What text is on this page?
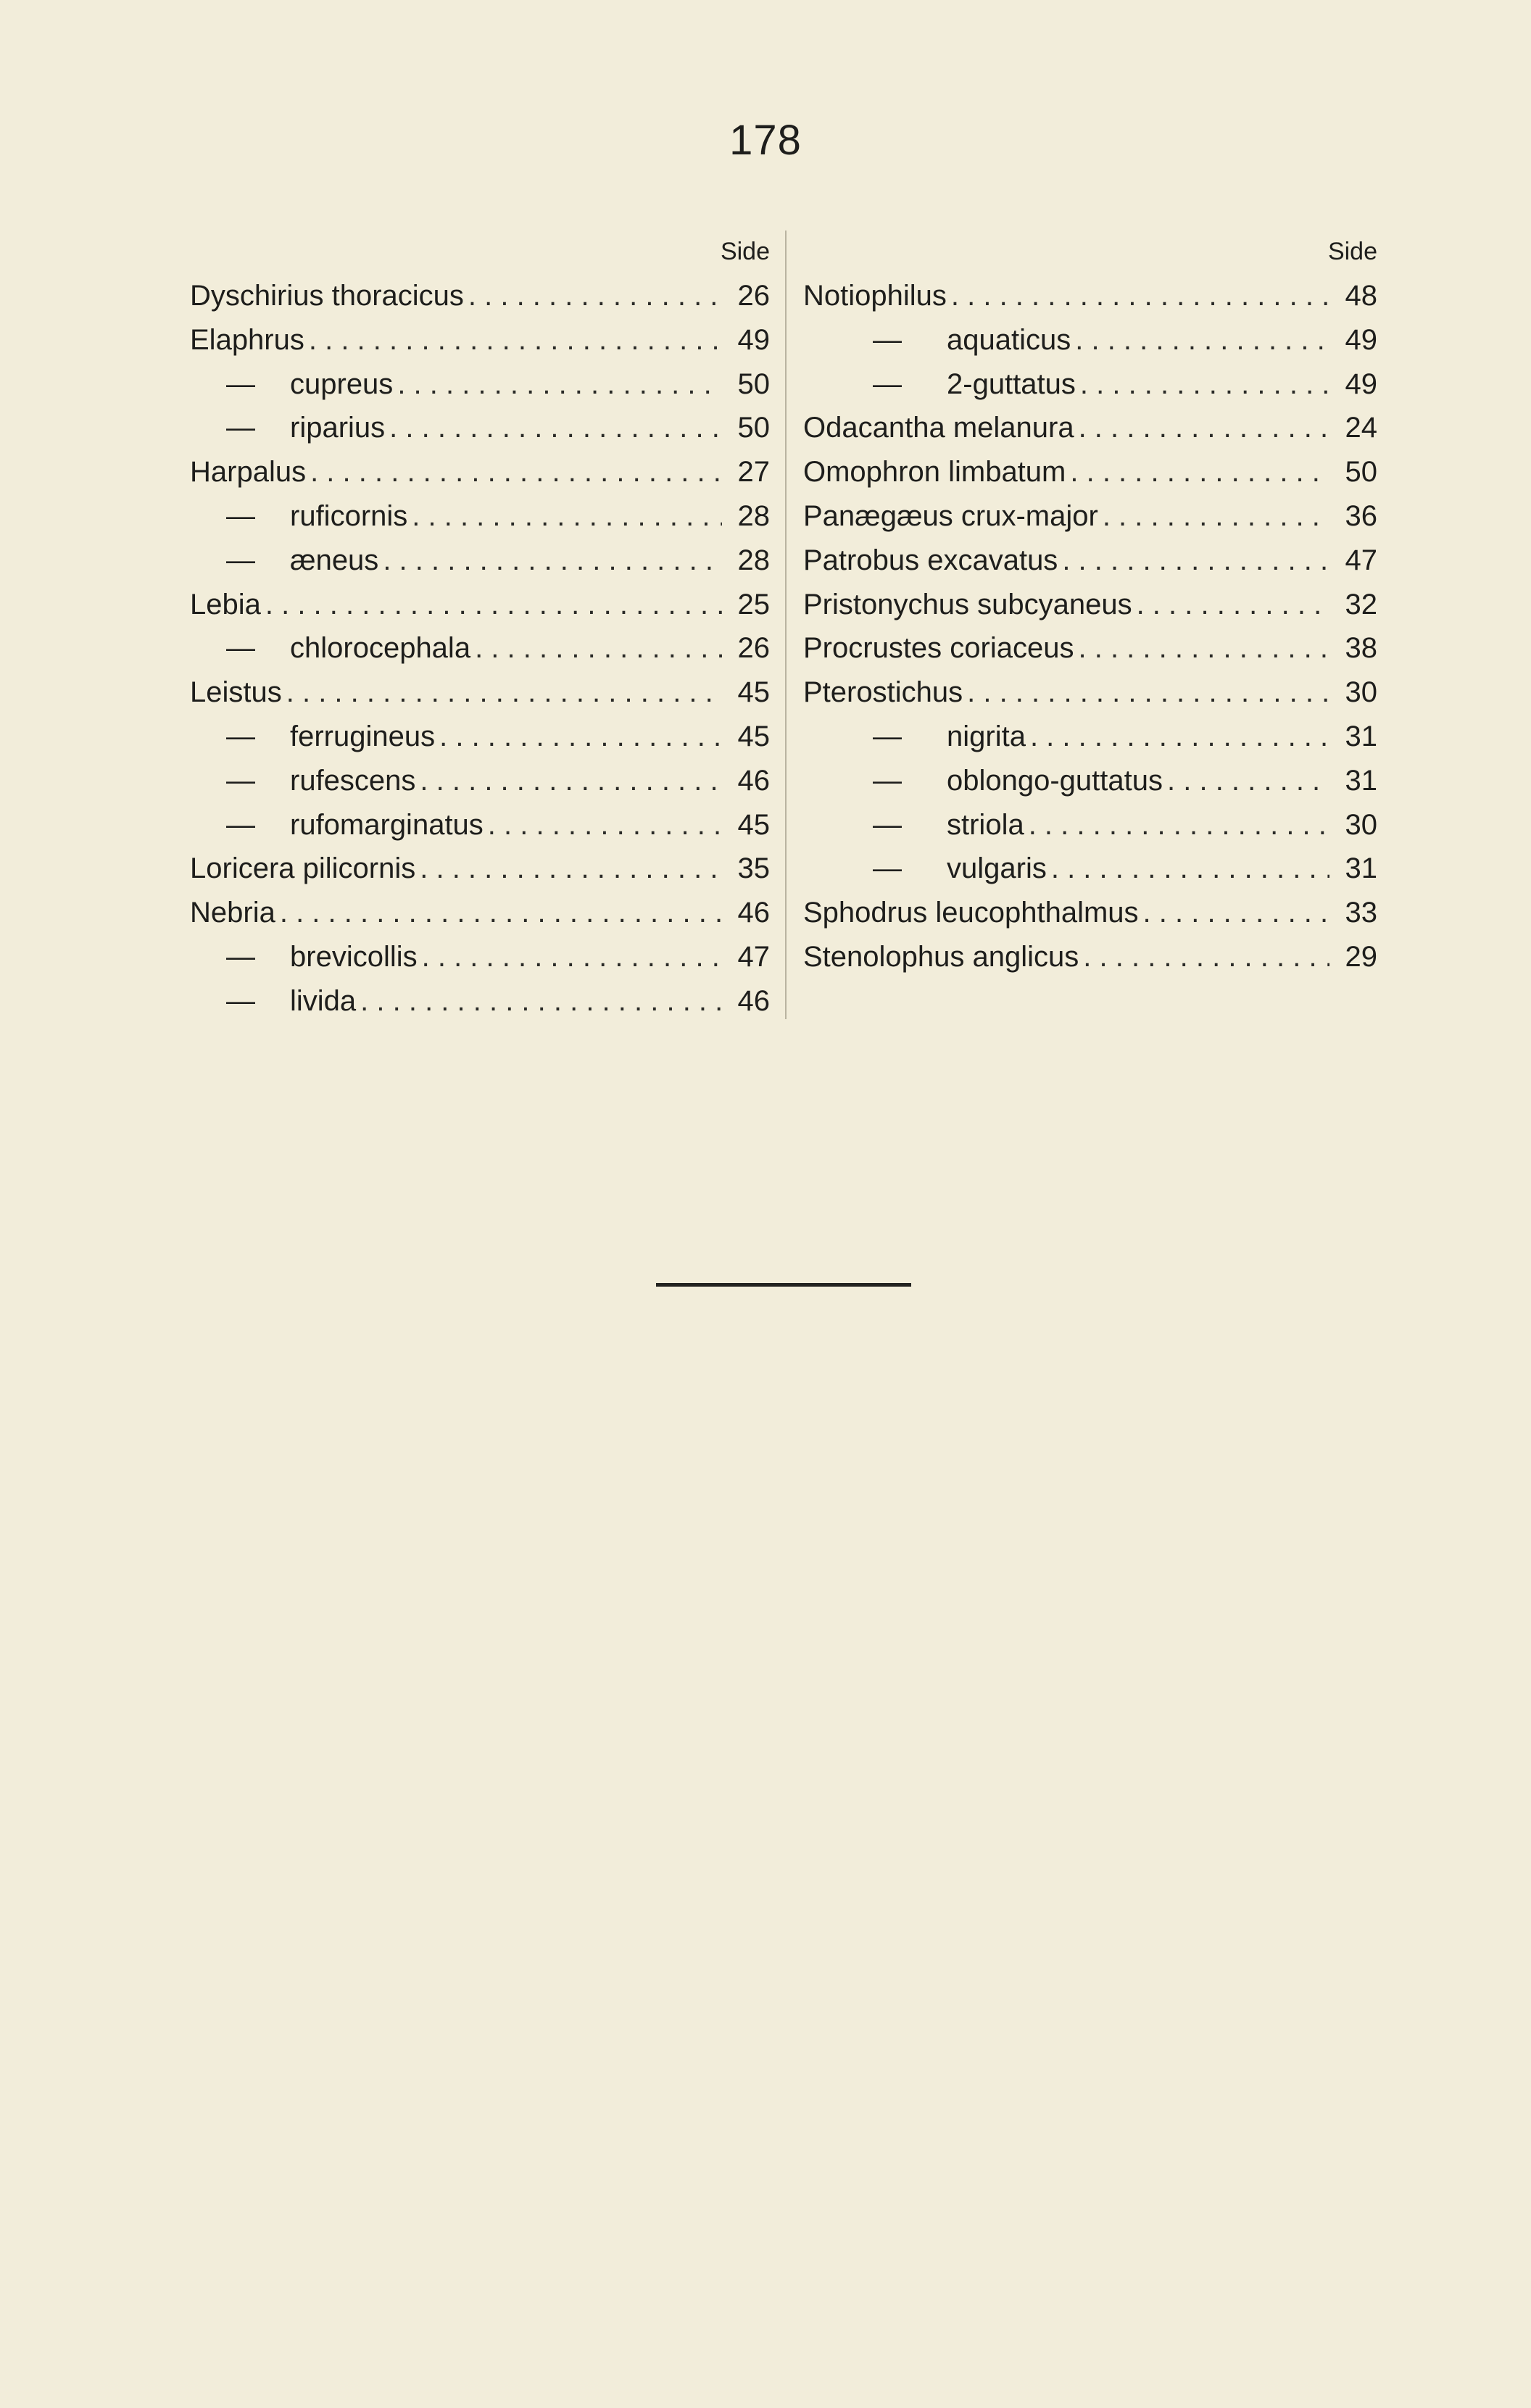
178
Side
Dyschirius thoracicus . . .	26
Elaphrus . . .	49
—	cupreus . . .	50
—	riparius . . .	50
Harpalus . . .	27
—	ruficornis . . .	28
—	æneus . . .	28
Lebia . . .	25
—	chlorocephala . . .	26
Leistus . . .	45
—	ferrugineus . . .	45
—	rufescens . . .	46
—	rufomarginatus . . .	45
Loricera pilicornis . . .	35
Nebria . . .	46
—	brevicollis . . .	47
—	livida . . .	46
Side
Notiophilus . . .	48
—	aquaticus . . .	49
—	2-guttatus . . .	49
Odacantha melanura . . .	24
Omophron limbatum . . .	50
Panægæus crux-major . . .	36
Patrobus excavatus . . .	47
Pristonychus subcyaneus . . .	32
Procrustes coriaceus . . .	38
Pterostichus . . .	30
—	nigrita . . .	31
—	oblongo-guttatus . . .	31
—	striola . . .	30
—	vulgaris . . .	31
Sphodrus leucophthalmus . . .	33
Stenolophus anglicus . . .	29
